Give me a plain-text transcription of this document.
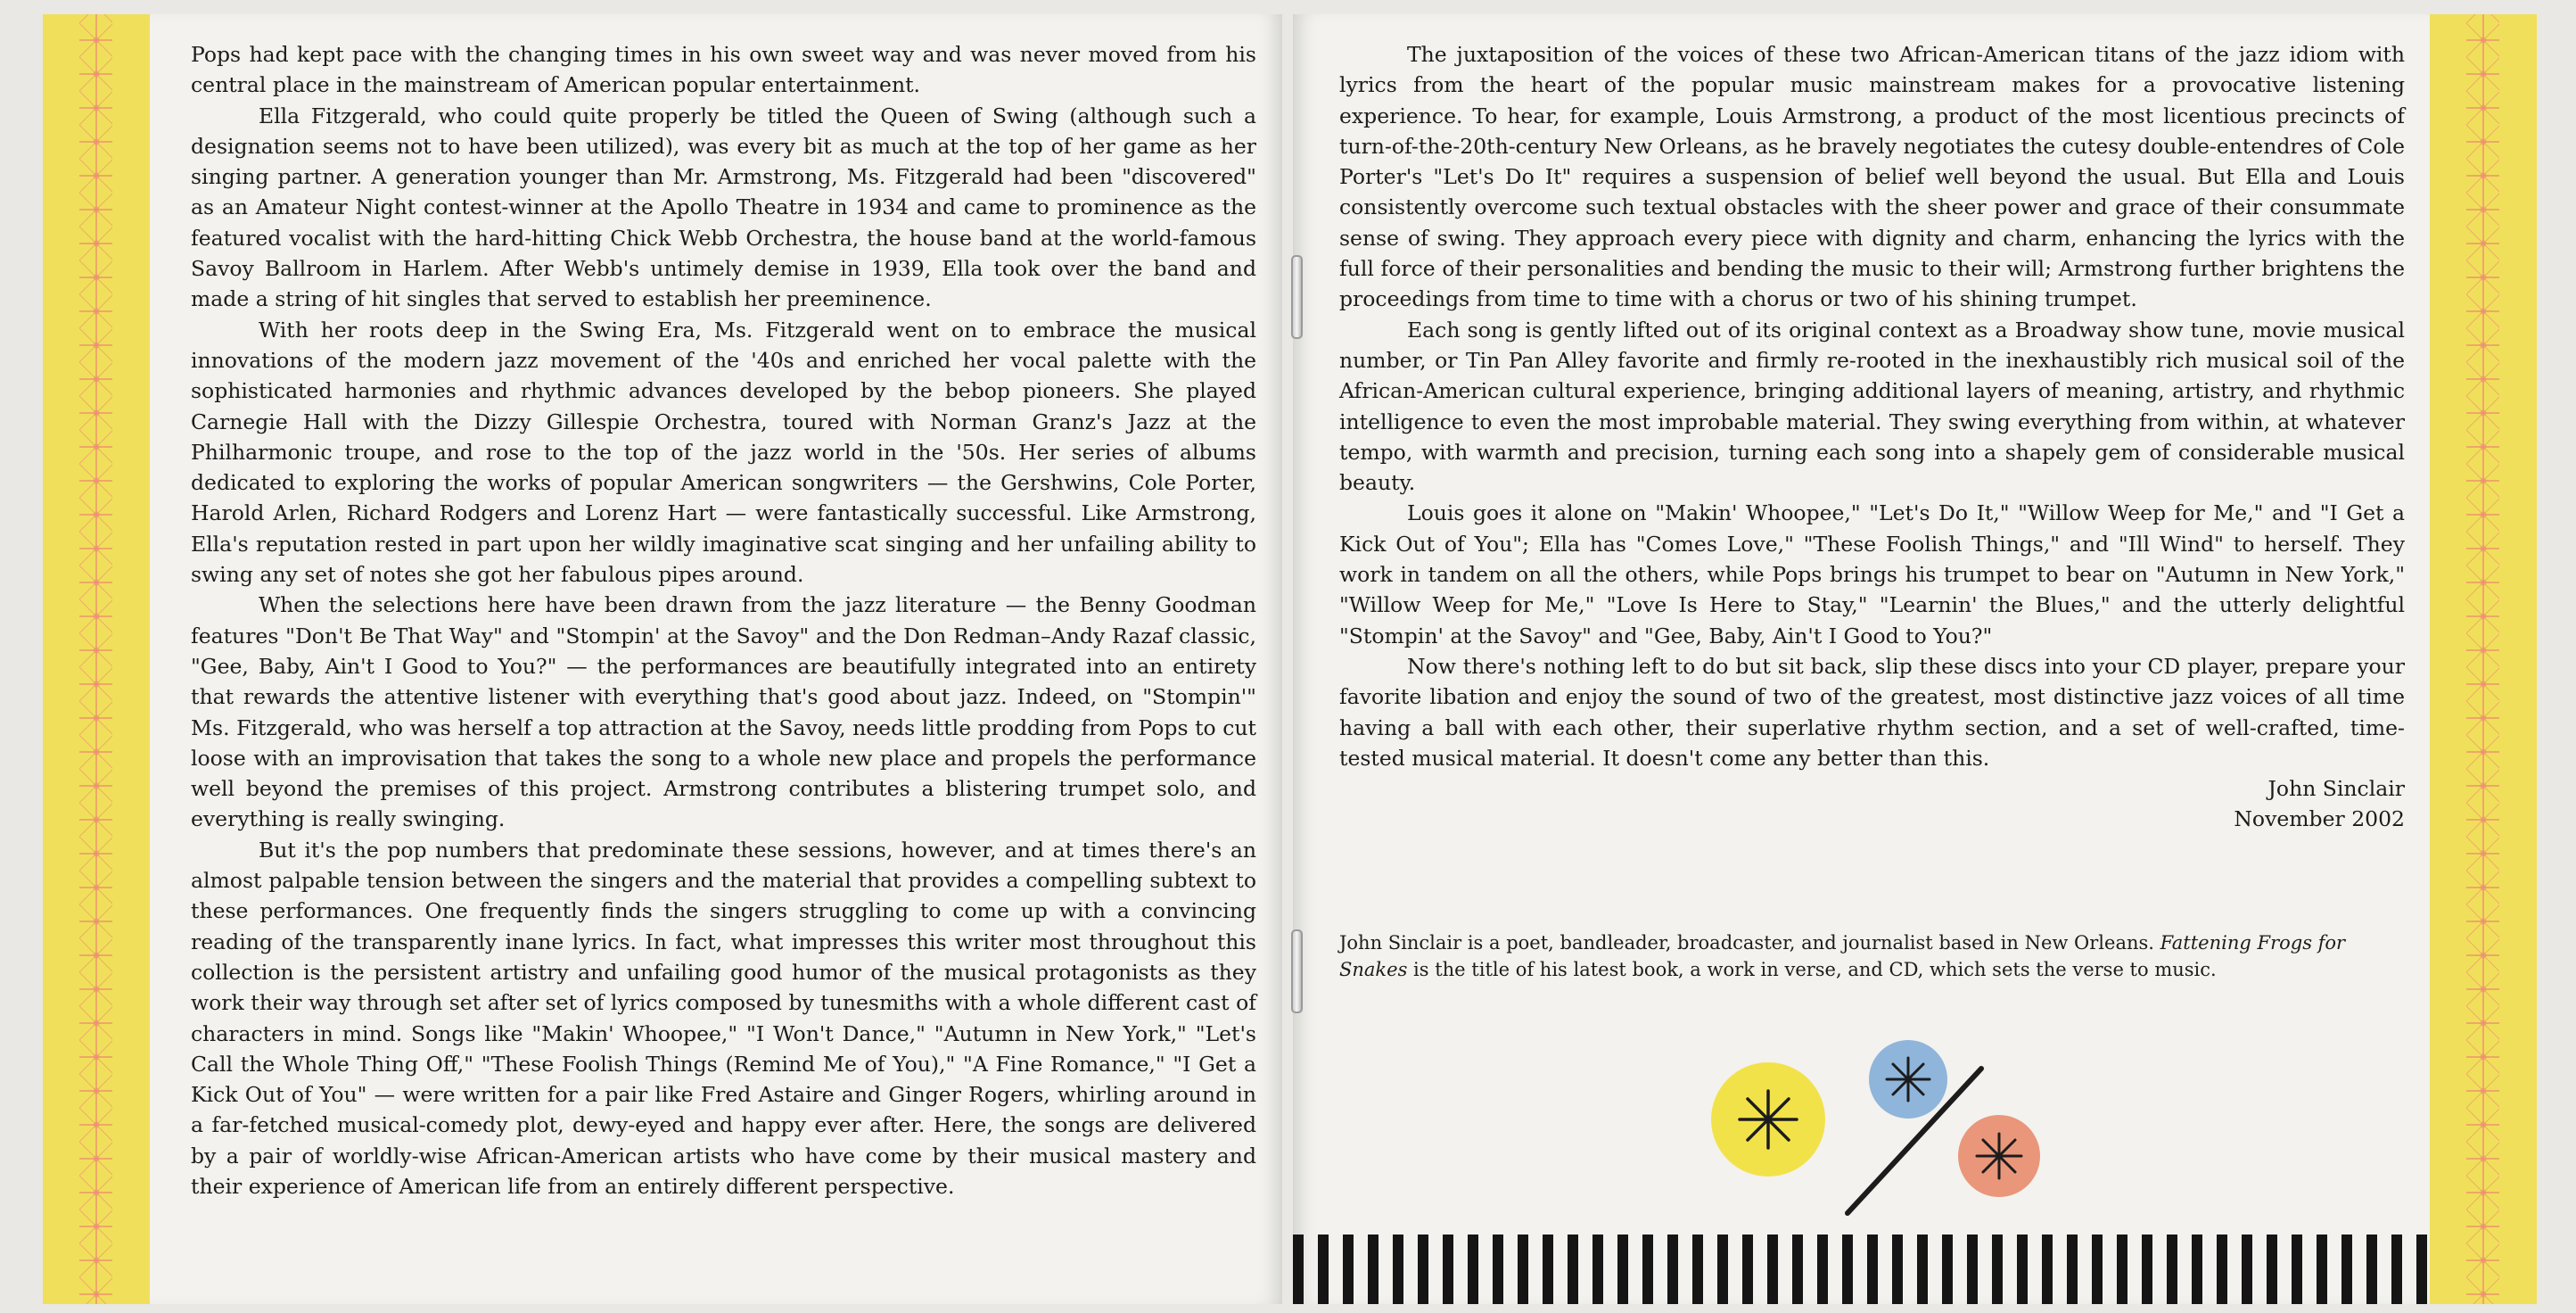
Pops had kept pace with the changing times in his own sweet way and was never moved from his central place in the mainstream of American popular entertainment.

Ella Fitzgerald, who could quite properly be titled the Queen of Swing (although such a designation seems not to have been utilized), was every bit as much at the top of her game as her singing partner. A generation younger than Mr. Armstrong, Ms. Fitzgerald had been "discovered" as an Amateur Night contest-winner at the Apollo Theatre in 1934 and came to prominence as the featured vocalist with the hard-hitting Chick Webb Orchestra, the house band at the world-famous Savoy Ballroom in Harlem. After Webb's untimely demise in 1939, Ella took over the band and made a string of hit singles that served to establish her preeminence.

With her roots deep in the Swing Era, Ms. Fitzgerald went on to embrace the musical innovations of the modern jazz movement of the '40s and enriched her vocal palette with the sophisticated harmonies and rhythmic advances developed by the bebop pioneers. She played Carnegie Hall with the Dizzy Gillespie Orchestra, toured with Norman Granz's Jazz at the Philharmonic troupe, and rose to the top of the jazz world in the '50s. Her series of albums dedicated to exploring the works of popular American songwriters — the Gershwins, Cole Porter, Harold Arlen, Richard Rodgers and Lorenz Hart — were fantastically successful. Like Armstrong, Ella's reputation rested in part upon her wildly imaginative scat singing and her unfailing ability to swing any set of notes she got her fabulous pipes around.

When the selections here have been drawn from the jazz literature — the Benny Goodman features "Don't Be That Way" and "Stompin' at the Savoy" and the Don Redman–Andy Razaf classic, "Gee, Baby, Ain't I Good to You?" — the performances are beautifully integrated into an entirety that rewards the attentive listener with everything that's good about jazz. Indeed, on "Stompin'" Ms. Fitzgerald, who was herself a top attraction at the Savoy, needs little prodding from Pops to cut loose with an improvisation that takes the song to a whole new place and propels the performance well beyond the premises of this project. Armstrong contributes a blistering trumpet solo, and everything is really swinging.

But it's the pop numbers that predominate these sessions, however, and at times there's an almost palpable tension between the singers and the material that provides a compelling subtext to these performances. One frequently finds the singers struggling to come up with a convincing reading of the transparently inane lyrics. In fact, what impresses this writer most throughout this collection is the persistent artistry and unfailing good humor of the musical protagonists as they work their way through set after set of lyrics composed by tunesmiths with a whole different cast of characters in mind. Songs like "Makin' Whoopee," "I Won't Dance," "Autumn in New York," "Let's Call the Whole Thing Off," "These Foolish Things (Remind Me of You)," "A Fine Romance," "I Get a Kick Out of You" — were written for a pair like Fred Astaire and Ginger Rogers, whirling around in a far-fetched musical-comedy plot, dewy-eyed and happy ever after. Here, the songs are delivered by a pair of worldly-wise African-American artists who have come by their musical mastery and their experience of American life from an entirely different perspective.

The juxtaposition of the voices of these two African-American titans of the jazz idiom with lyrics from the heart of the popular music mainstream makes for a provocative listening experience. To hear, for example, Louis Armstrong, a product of the most licentious precincts of turn-of-the-20th-century New Orleans, as he bravely negotiates the cutesy double-entendres of Cole Porter's "Let's Do It" requires a suspension of belief well beyond the usual. But Ella and Louis consistently overcome such textual obstacles with the sheer power and grace of their consummate sense of swing. They approach every piece with dignity and charm, enhancing the lyrics with the full force of their personalities and bending the music to their will; Armstrong further brightens the proceedings from time to time with a chorus or two of his shining trumpet.

Each song is gently lifted out of its original context as a Broadway show tune, movie musical number, or Tin Pan Alley favorite and firmly re-rooted in the inexhaustibly rich musical soil of the African-American cultural experience, bringing additional layers of meaning, artistry, and rhythmic intelligence to even the most improbable material. They swing everything from within, at whatever tempo, with warmth and precision, turning each song into a shapely gem of considerable musical beauty.

Louis goes it alone on "Makin' Whoopee," "Let's Do It," "Willow Weep for Me," and "I Get a Kick Out of You"; Ella has "Comes Love," "These Foolish Things," and "Ill Wind" to herself. They work in tandem on all the others, while Pops brings his trumpet to bear on "Autumn in New York," "Willow Weep for Me," "Love Is Here to Stay," "Learnin' the Blues," and the utterly delightful "Stompin' at the Savoy" and "Gee, Baby, Ain't I Good to You?"

Now there's nothing left to do but sit back, slip these discs into your CD player, prepare your favorite libation and enjoy the sound of two of the greatest, most distinctive jazz voices of all time having a ball with each other, their superlative rhythm section, and a set of well-crafted, time-tested musical material. It doesn't come any better than this.

John Sinclair

November 2002

John Sinclair is a poet, bandleader, broadcaster, and journalist based in New Orleans. Fattening Frogs for Snakes is the title of his latest book, a work in verse, and CD, which sets the verse to music.
